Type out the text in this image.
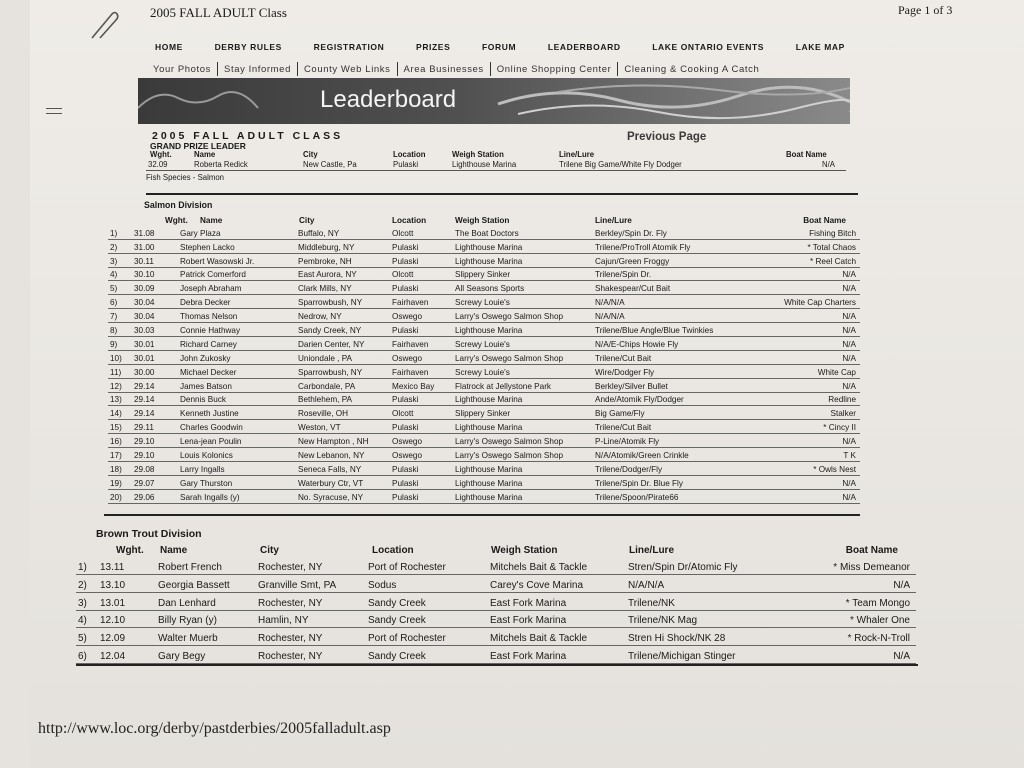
2005 FALL ADULT Class	Page 1 of 3
HOME	DERBY RULES	REGISTRATION	PRIZES	FORUM	LEADERBOARD	LAKE ONTARIO EVENTS	LAKE MAP
Your Photos Stay Informed County Web Links Area Businesses Online Shopping Center Cleaning & Cooking A Catch
Leaderboard
2005 FALL ADULT CLASS	Previous Page
GRAND PRIZE LEADER
Wght.	Name	City	Location	Weigh Station	Line/Lure	Boat Name
32.09	Roberta Redick	New Castle, Pa	Pulaski	Lighthouse Marina	Trilene Big Game/White Fly Dodger	N/A
Fish Species - Salmon
Salmon Division
Wght. Name	City	Location	Weigh Station	Line/Lure	Boat Name
1) 31.08	Gary Plaza	Buffalo, NY	Olcott	The Boat Doctors	Berkley/Spin Dr. Fly	Fishing Bitch
2) 31.00	Stephen Lacko	Middleburg, NY	Pulaski	Lighthouse Marina	Trilene/ProTroll Atomik Fly	* Total Chaos
3) 30.11	Robert Wasowski Jr.	Pembroke, NH	Pulaski	Lighthouse Marina	Cajun/Green Froggy	* Reel Catch
4) 30.10	Patrick Comerford	East Aurora, NY	Olcott	Slippery Sinker	Trilene/Spin Dr.	N/A
5) 30.09	Joseph Abraham	Clark Mills, NY	Pulaski	All Seasons Sports	Shakespear/Cut Bait	N/A
6) 30.04	Debra Decker	Sparrowbush, NY	Fairhaven	Screwy Louie's	N/A/N/A	White Cap Charters
7) 30.04	Thomas Nelson	Nedrow, NY	Oswego	Larry's Oswego Salmon Shop	N/A/N/A	N/A
8) 30.03	Connie Hathway	Sandy Creek, NY	Pulaski	Lighthouse Marina	Trilene/Blue Angle/Blue Twinkies	N/A
9) 30.01	Richard Carney	Darien Center, NY	Fairhaven	Screwy Louie's	N/A/E-Chips Howie Fly	N/A
10) 30.01	John Zukosky	Uniondale , PA	Oswego	Larry's Oswego Salmon Shop	Trilene/Cut Bait	N/A
11) 30.00	Michael Decker	Sparrowbush, NY	Fairhaven	Screwy Louie's	Wire/Dodger Fly	White Cap
12) 29.14	James Batson	Carbondale, PA	Mexico Bay	Flatrock at Jellystone Park	Berkley/Silver Bullet	N/A
13) 29.14	Dennis Buck	Bethlehem, PA	Pulaski	Lighthouse Marina	Ande/Atomik Fly/Dodger	Redline
14) 29.14	Kenneth Justine	Roseville, OH	Olcott	Slippery Sinker	Big Game/Fly	Stalker
15) 29.11	Charles Goodwin	Weston, VT	Pulaski	Lighthouse Marina	Trilene/Cut Bait	* Cincy II
16) 29.10	Lena-jean Poulin	New Hampton , NH	Oswego	Larry's Oswego Salmon Shop	P-Line/Atomik Fly	N/A
17) 29.10	Louis Kolonics	New Lebanon, NY	Oswego	Larry's Oswego Salmon Shop	N/A/Atomik/Green Crinkle	T K
18) 29.08	Larry Ingalls	Seneca Falls, NY	Pulaski	Lighthouse Marina	Trilene/Dodger/Fly	* Owls Nest
19) 29.07	Gary Thurston	Waterbury Ctr, VT	Pulaski	Lighthouse Marina	Trilene/Spin Dr. Blue Fly	N/A
20) 29.06	Sarah Ingalls (y)	No. Syracuse, NY	Pulaski	Lighthouse Marina	Trilene/Spoon/Pirate66	N/A
Brown Trout Division
Wght. Name	City	Location	Weigh Station	Line/Lure	Boat Name
1) 13.11	Robert French	Rochester, NY	Port of Rochester	Mitchels Bait & Tackle	Stren/Spin Dr/Atomic Fly	* Miss Demeanor
2) 13.10	Georgia Bassett	Granville Smt, PA	Sodus	Carey's Cove Marina	N/A/N/A	N/A
3) 13.01	Dan Lenhard	Rochester, NY	Sandy Creek	East Fork Marina	Trilene/NK	* Team Mongo
4) 12.10	Billy Ryan (y)	Hamlin, NY	Sandy Creek	East Fork Marina	Trilene/NK Mag	* Whaler One
5) 12.09	Walter Muerb	Rochester, NY	Port of Rochester	Mitchels Bait & Tackle	Stren Hi Shock/NK 28	* Rock-N-Troll
6) 12.04	Gary Begy	Rochester, NY	Sandy Creek	East Fork Marina	Trilene/Michigan Stinger	N/A
http://www.loc.org/derby/pastderbies/2005falladult.asp
